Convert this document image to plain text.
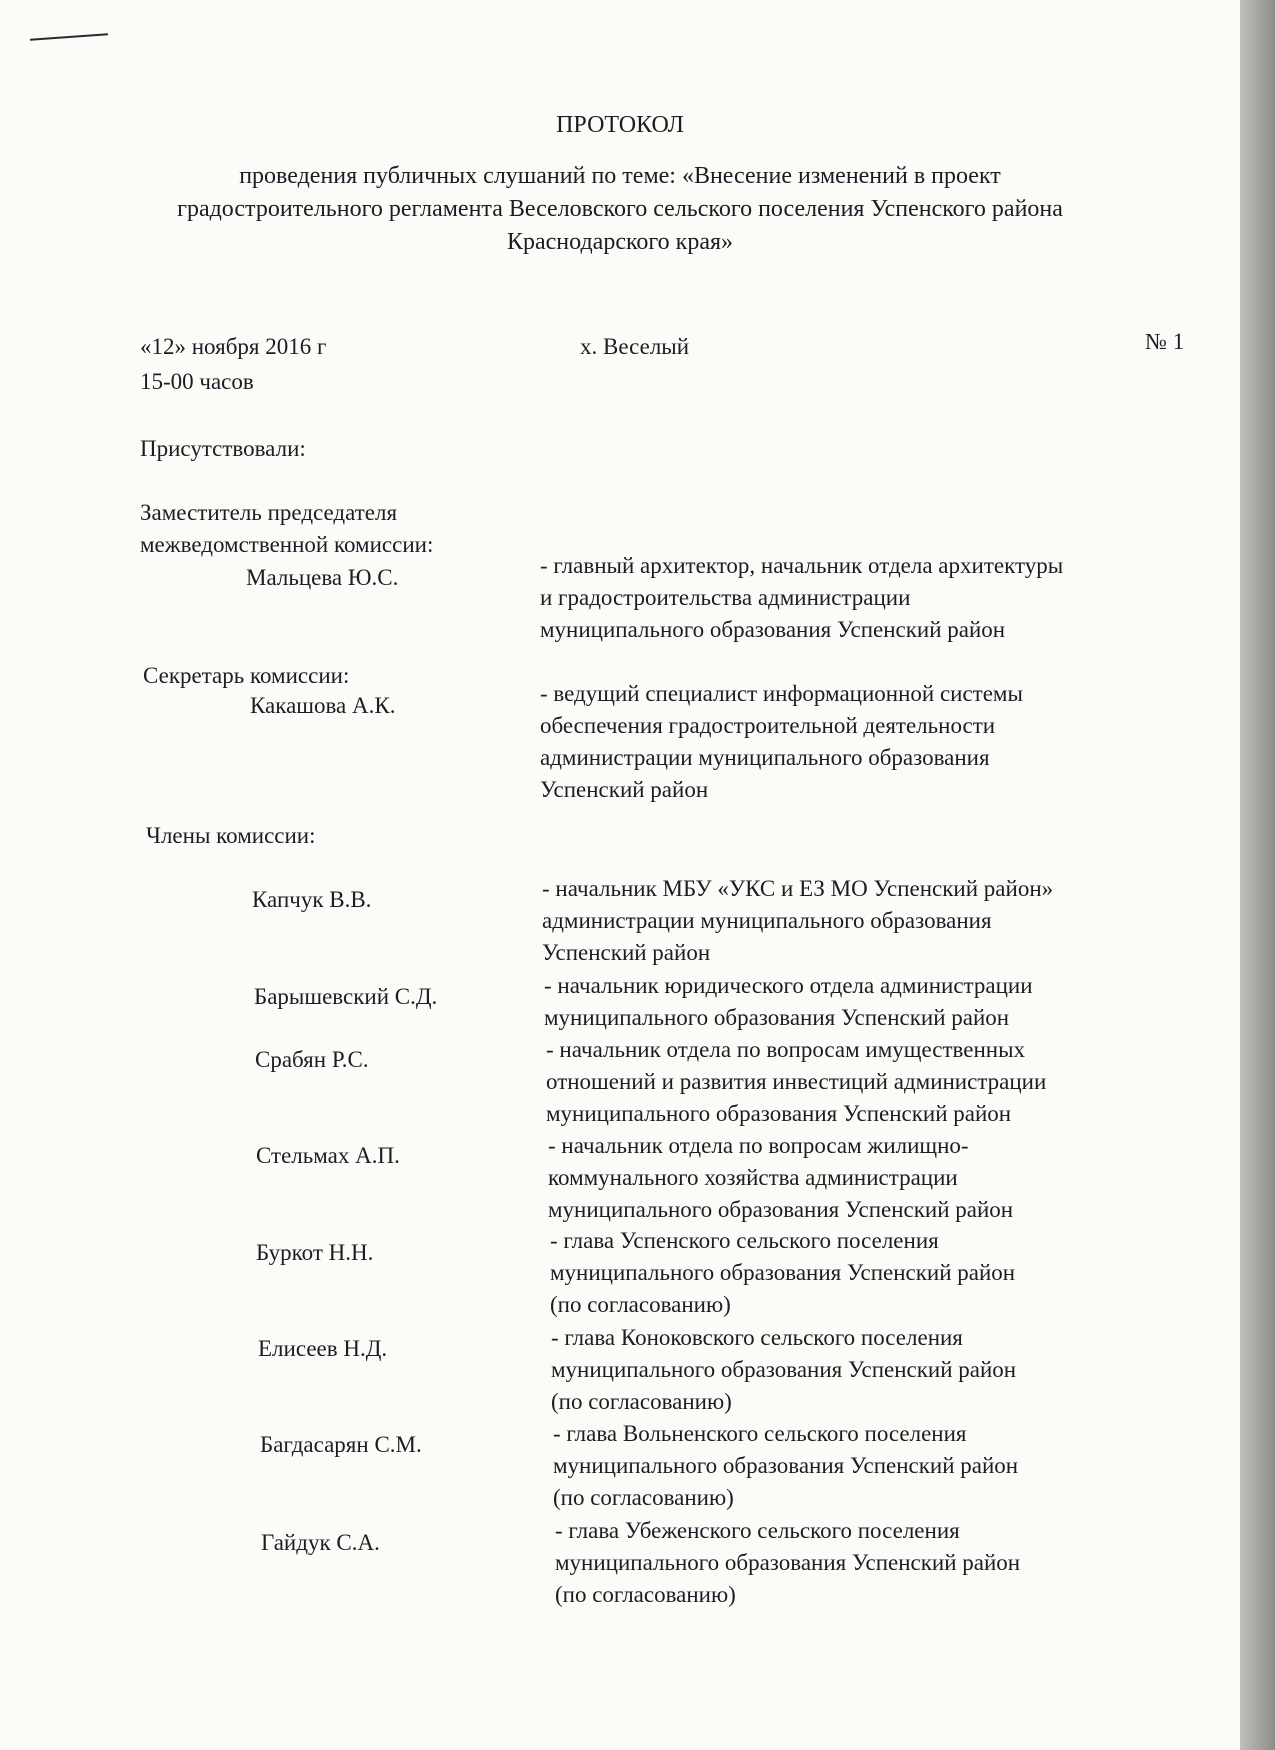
ПРОТОКОЛ
проведения публичных слушаний по теме: «Внесение изменений в проект
градостроительного регламента Веселовского сельского поселения Успенского района
Краснодарского края»
«12» ноября 2016 г	х. Веселый	№ 1
15-00 часов
Присутствовали:
Заместитель председателя
межведомственной комиссии:
Мальцева Ю.С.	- главный архитектор, начальник отдела архитектуры
и градостроительства администрации
муниципального образования Успенский район
Секретарь комиссии:
Какашова А.К.	- ведущий специалист информационной системы
обеспечения градостроительной деятельности
администрации муниципального образования
Успенский район
Члены комиссии:
Капчук В.В.	- начальник МБУ «УКС и ЕЗ МО Успенский район»
администрации муниципального образования
Успенский район
Барышевский С.Д.	- начальник юридического отдела администрации
муниципального образования Успенский район
Срабян Р.С.	- начальник отдела по вопросам имущественных
отношений и развития инвестиций администрации
муниципального образования Успенский район
Стельмах А.П.	- начальник отдела по вопросам жилищно-
коммунального хозяйства администрации
муниципального образования Успенский район
Буркот Н.Н.	- глава Успенского сельского поселения
муниципального образования Успенский район
(по согласованию)
Елисеев Н.Д.	- глава Коноковского сельского поселения
муниципального образования Успенский район
(по согласованию)
Багдасарян С.М.	- глава Вольненского сельского поселения
муниципального образования Успенский район
(по согласованию)
Гайдук С.А.	- глава Убеженского сельского поселения
муниципального образования Успенский район
(по согласованию)
